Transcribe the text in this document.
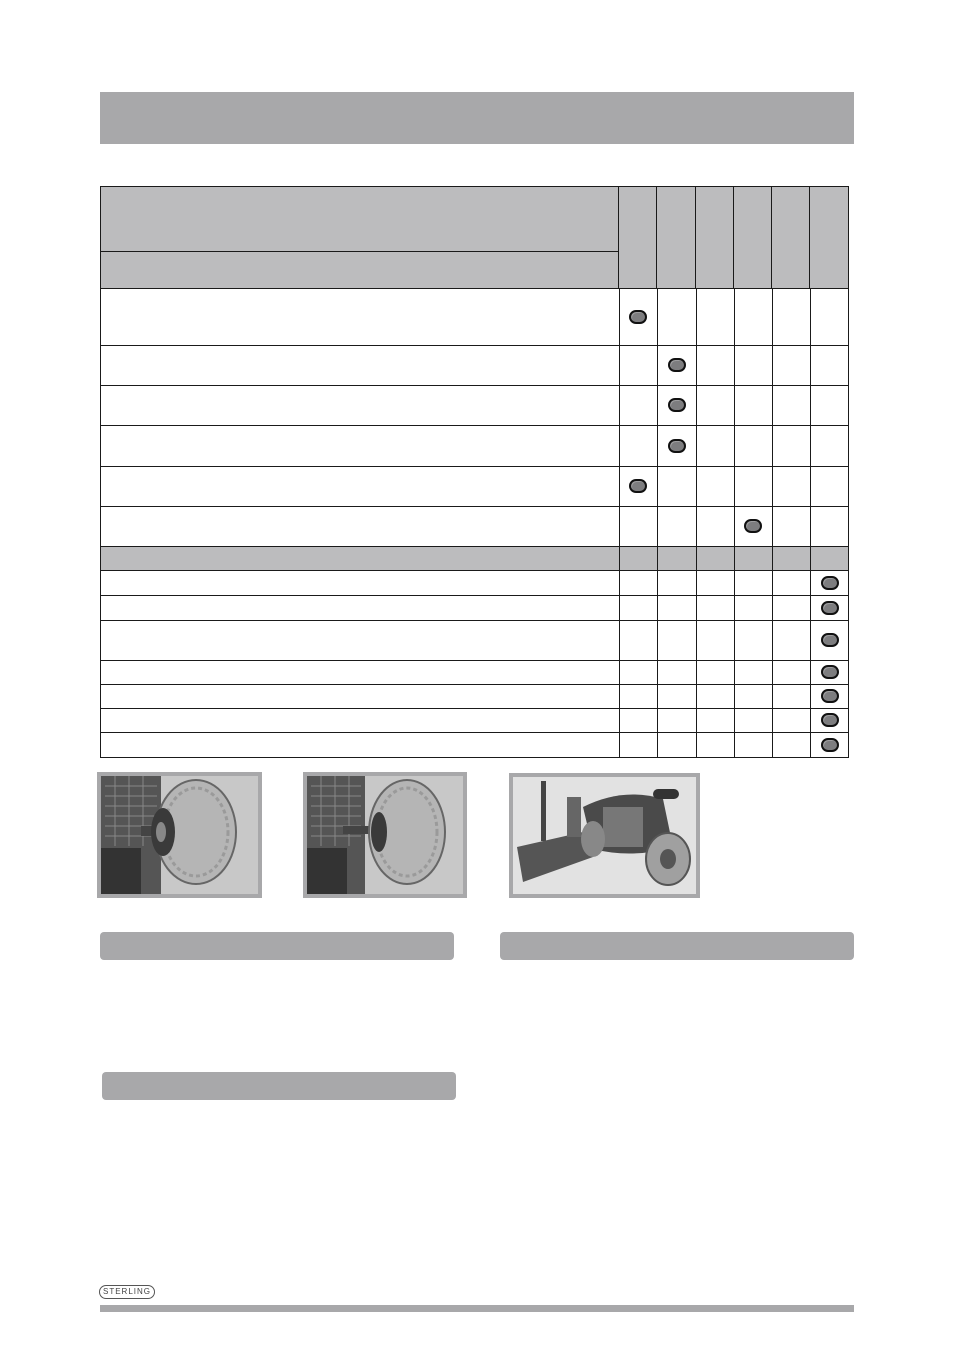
STERLING
